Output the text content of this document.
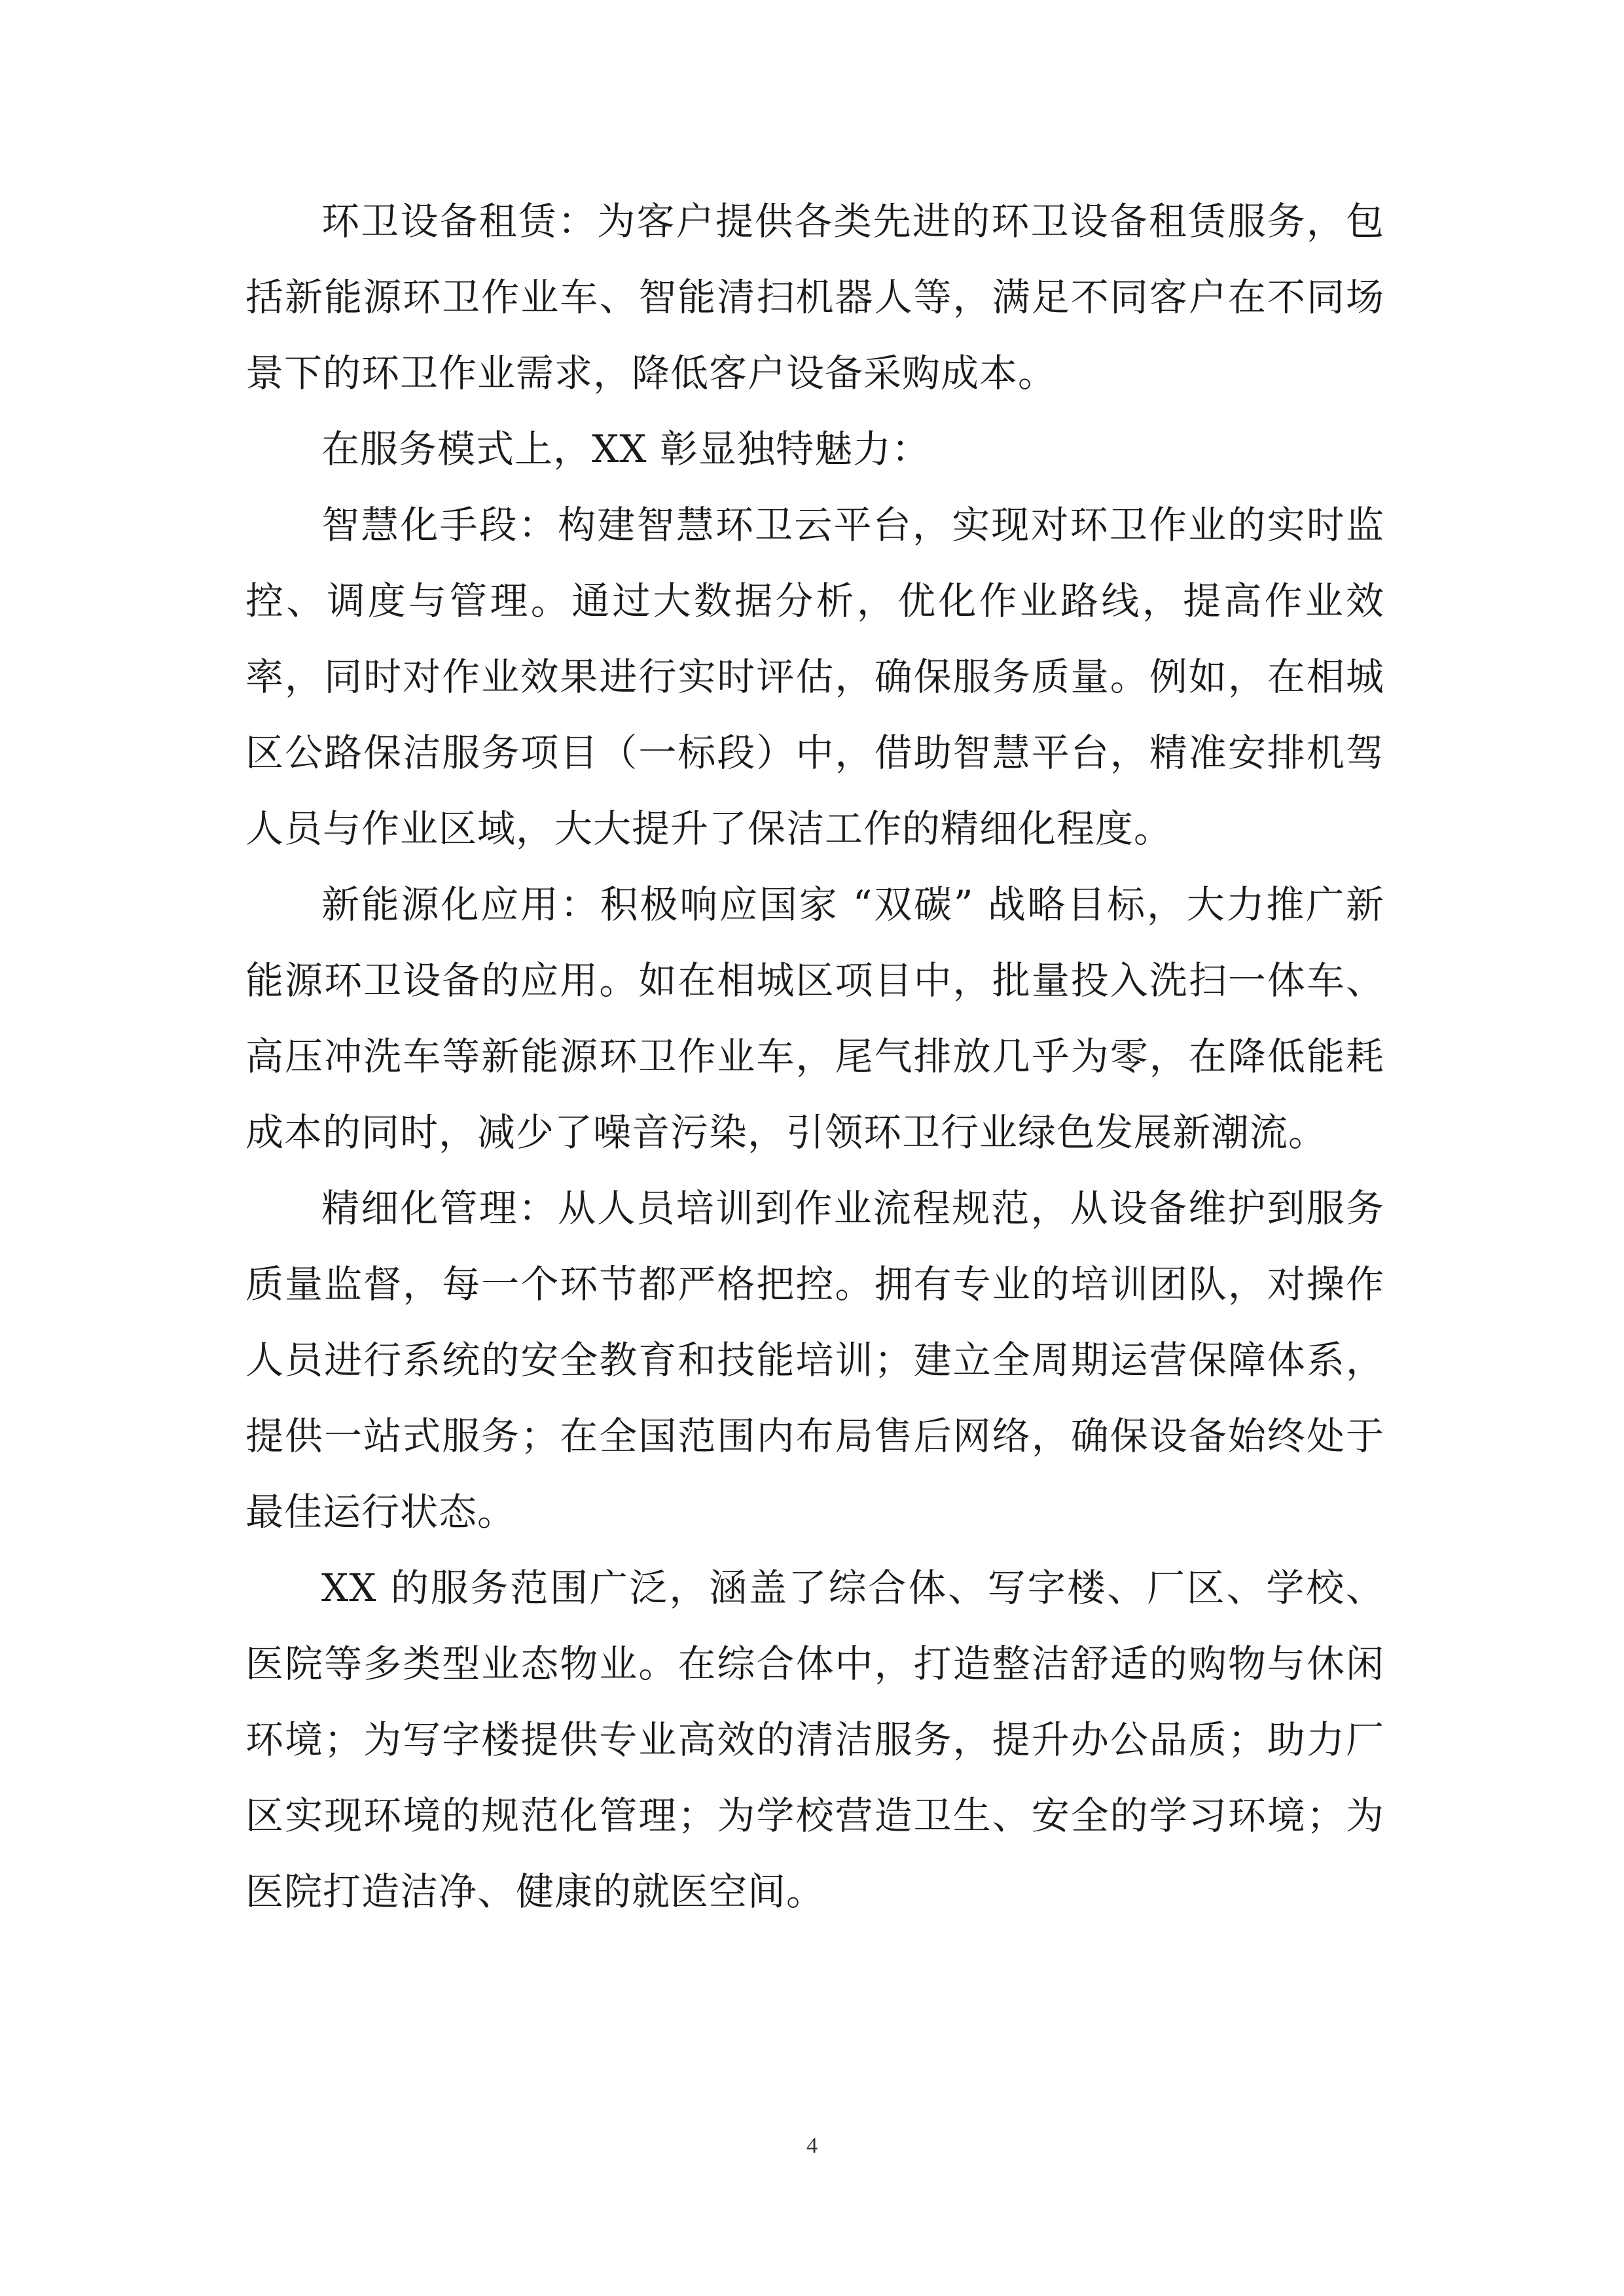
环卫设备租赁：为客户提供各类先进的环卫设备租赁服务，包括新能源环卫作业车、智能清扫机器人等，满足不同客户在不同场景下的环卫作业需求，降低客户设备采购成本。

在服务模式上，XX 彰显独特魅力：

智慧化手段：构建智慧环卫云平台，实现对环卫作业的实时监控、调度与管理。通过大数据分析，优化作业路线，提高作业效率，同时对作业效果进行实时评估，确保服务质量。例如，在相城区公路保洁服务项目（一标段）中，借助智慧平台，精准安排机驾人员与作业区域，大大提升了保洁工作的精细化程度。

新能源化应用：积极响应国家 “双碳” 战略目标，大力推广新能源环卫设备的应用。如在相城区项目中，批量投入洗扫一体车、高压冲洗车等新能源环卫作业车，尾气排放几乎为零，在降低能耗成本的同时，减少了噪音污染，引领环卫行业绿色发展新潮流。

精细化管理：从人员培训到作业流程规范，从设备维护到服务质量监督，每一个环节都严格把控。拥有专业的培训团队，对操作人员进行系统的安全教育和技能培训；建立全周期运营保障体系，提供一站式服务；在全国范围内布局售后网络，确保设备始终处于最佳运行状态。

XX 的服务范围广泛，涵盖了综合体、写字楼、厂区、学校、医院等多类型业态物业。在综合体中，打造整洁舒适的购物与休闲环境；为写字楼提供专业高效的清洁服务，提升办公品质；助力厂区实现环境的规范化管理；为学校营造卫生、安全的学习环境；为医院打造洁净、健康的就医空间。

4
